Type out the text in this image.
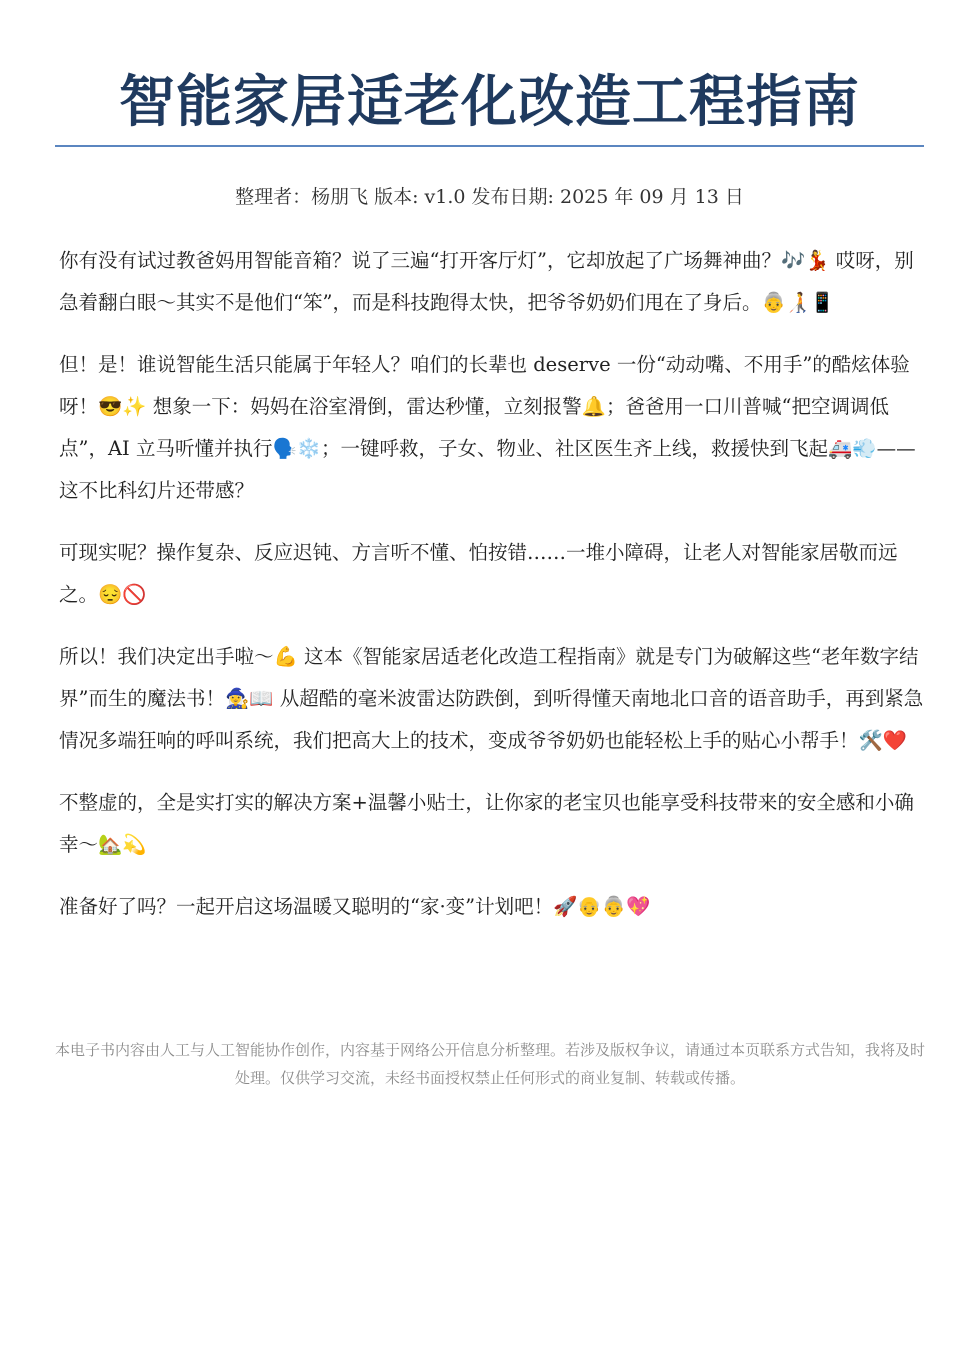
智能家居适老化改造工程指南
整理者：杨朋飞 版本: v1.0 发布日期: 2025 年 09 月 13 日

你有没有试过教爸妈用智能音箱？说了三遍“打开客厅灯”，它却放起了广场舞神曲？🎶💃 哎呀，别急着翻白眼～其实不是他们“笨”，而是科技跑得太快，把爷爷奶奶们甩在了身后。👵🧑‍🦯📱

但！是！谁说智能生活只能属于年轻人？咱们的长辈也 deserve 一份“动动嘴、不用手”的酷炫体验呀！😎✨ 想象一下：妈妈在浴室滑倒，雷达秒懂，立刻报警🔔；爸爸用一口川普喊“把空调调低点”，AI 立马听懂并执行🗣️❄️；一键呼救，子女、物业、社区医生齐上线，救援快到飞起🚑💨——这不比科幻片还带感？

可现实呢？操作复杂、反应迟钝、方言听不懂、怕按错……一堆小障碍，让老人对智能家居敬而远之。😔🚫

所以！我们决定出手啦～💪 这本《智能家居适老化改造工程指南》就是专门为破解这些“老年数字结界”而生的魔法书！🧙‍♀️📖 从超酷的毫米波雷达防跌倒，到听得懂天南地北口音的语音助手，再到紧急情况多端狂响的呼叫系统，我们把高大上的技术，变成爷爷奶奶也能轻松上手的贴心小帮手！🛠️❤️

不整虚的，全是实打实的解决方案+温馨小贴士，让你家的老宝贝也能享受科技带来的安全感和小确幸～🏡💫

准备好了吗？一起开启这场温暖又聪明的“家·变”计划吧！🚀👴👵💖

本电子书内容由人工与人工智能协作创作，内容基于网络公开信息分析整理。若涉及版权争议，请通过本页联系方式告知，我将及时处理。仅供学习交流，未经书面授权禁止任何形式的商业复制、转载或传播。
